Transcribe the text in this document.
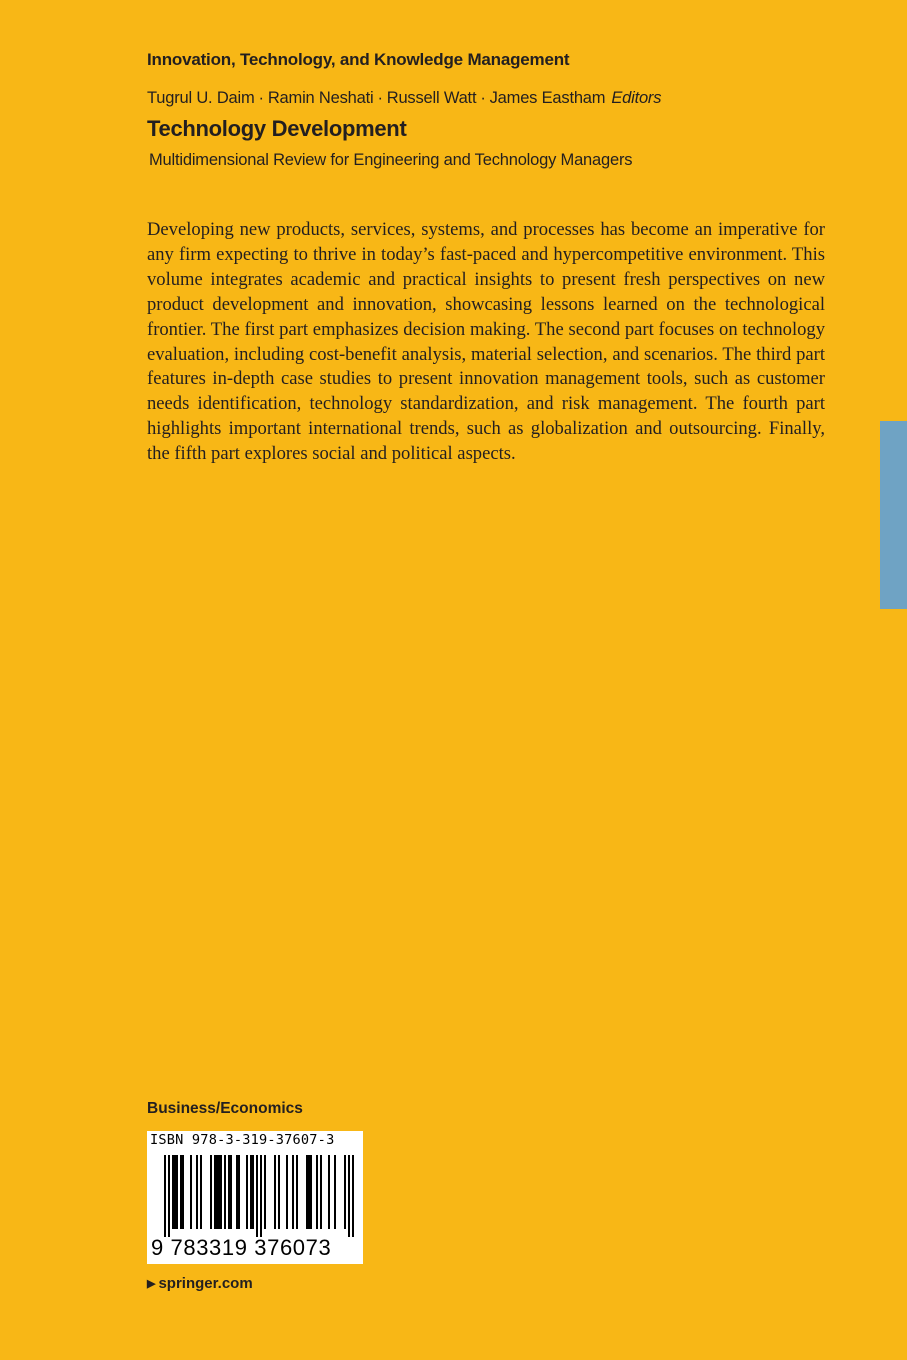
Innovation, Technology, and Knowledge Management
Tugrul U. Daim · Ramin Neshati · Russell Watt · James Eastham Editors
Technology Development
Multidimensional Review for Engineering and Technology Managers

Developing new products, services, systems, and processes has become an imperative for any firm expecting to thrive in today’s fast-paced and hypercompetitive environment. This volume integrates academic and practical insights to present fresh perspectives on new product development and innovation, showcasing lessons learned on the technological frontier. The first part emphasizes decision making. The second part focuses on technology evaluation, including cost-benefit analysis, material selection, and scenarios. The third part features in-depth case studies to present innovation management tools, such as customer needs identification, technology standardization, and risk management. The fourth part highlights important international trends, such as globalization and outsourcing. Finally, the fifth part explores social and political aspects.

Business/Economics
ISBN 978-3-319-37607-3
9 783319 376073
▶ springer.com
